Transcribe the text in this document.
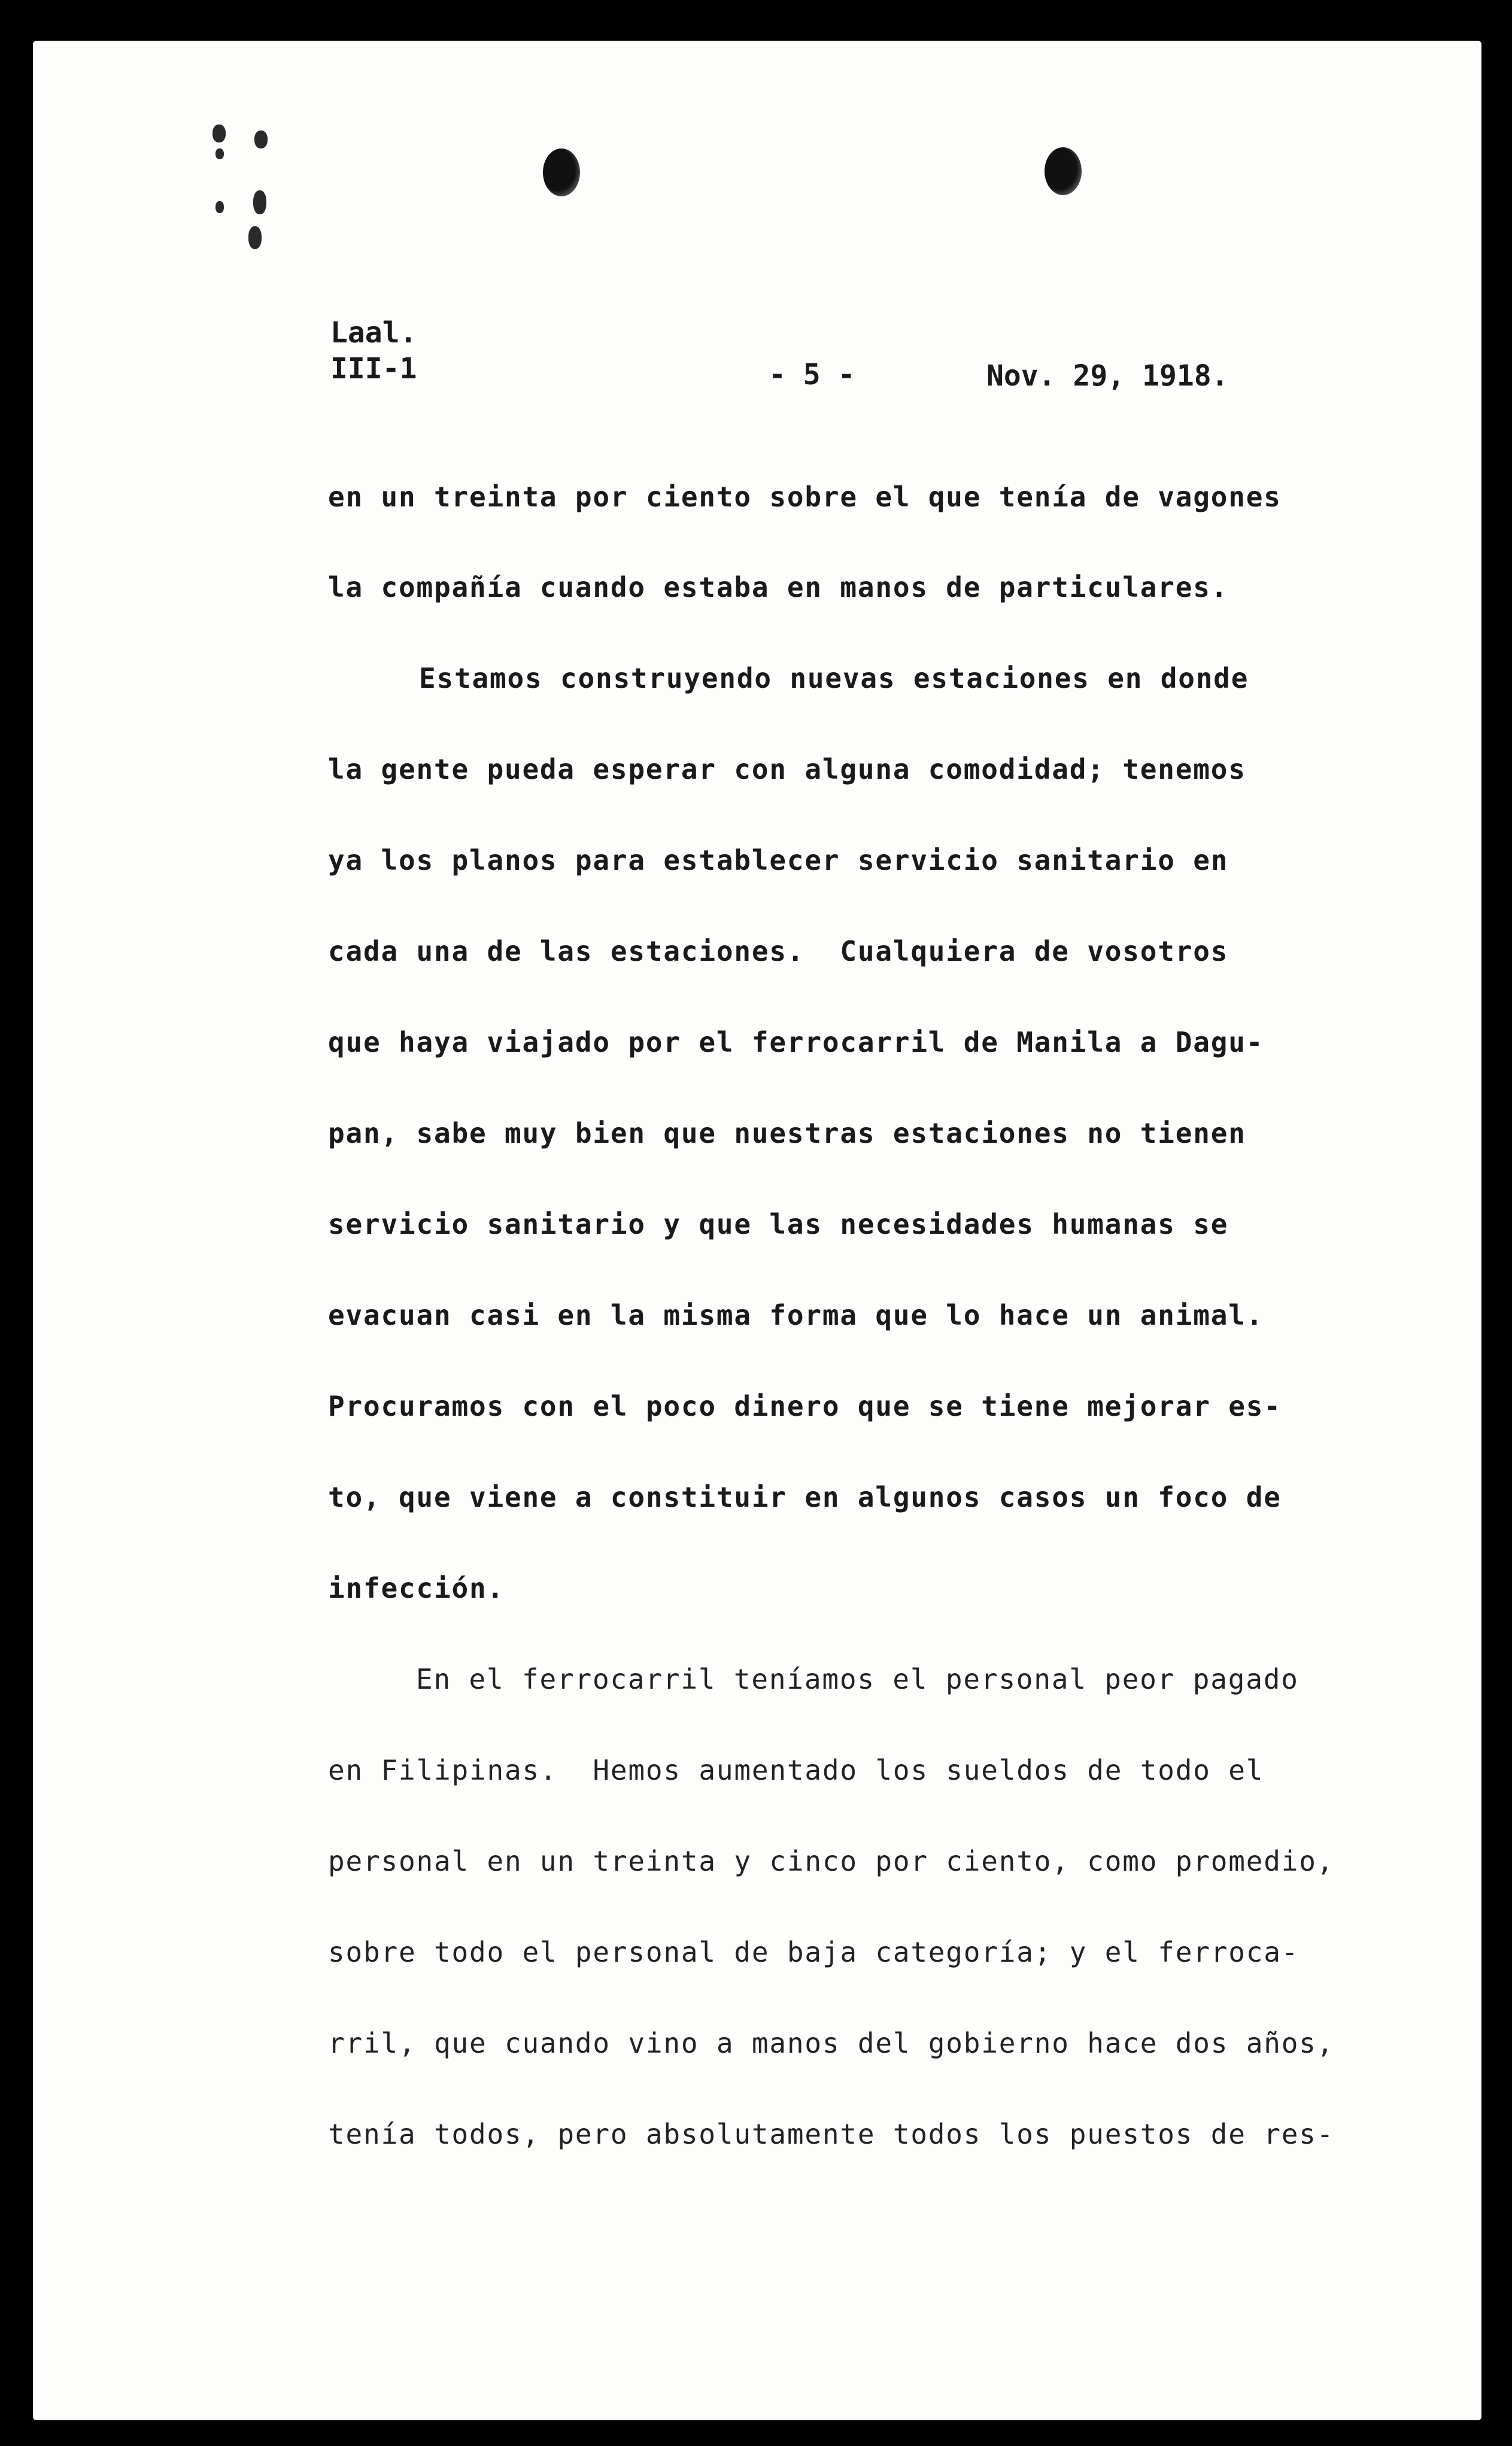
Laal.
III-1	- 5 -	Nov. 29, 1918.
en un treinta por ciento sobre el que tenía de vagones
la compañía cuando estaba en manos de particulares.
Estamos construyendo nuevas estaciones en donde
la gente pueda esperar con alguna comodidad; tenemos
ya los planos para establecer servicio sanitario en
cada una de las estaciones.  Cualquiera de vosotros
que haya viajado por el ferrocarril de Manila a Dagu-
pan, sabe muy bien que nuestras estaciones no tienen
servicio sanitario y que las necesidades humanas se
evacuan casi en la misma forma que lo hace un animal.
Procuramos con el poco dinero que se tiene mejorar es-
to, que viene a constituir en algunos casos un foco de
infección.
En el ferrocarril teníamos el personal peor pagado
en Filipinas.  Hemos aumentado los sueldos de todo el
personal en un treinta y cinco por ciento, como promedio,
sobre todo el personal de baja categoría; y el ferroca-
rril, que cuando vino a manos del gobierno hace dos años,
tenía todos, pero absolutamente todos los puestos de res-
